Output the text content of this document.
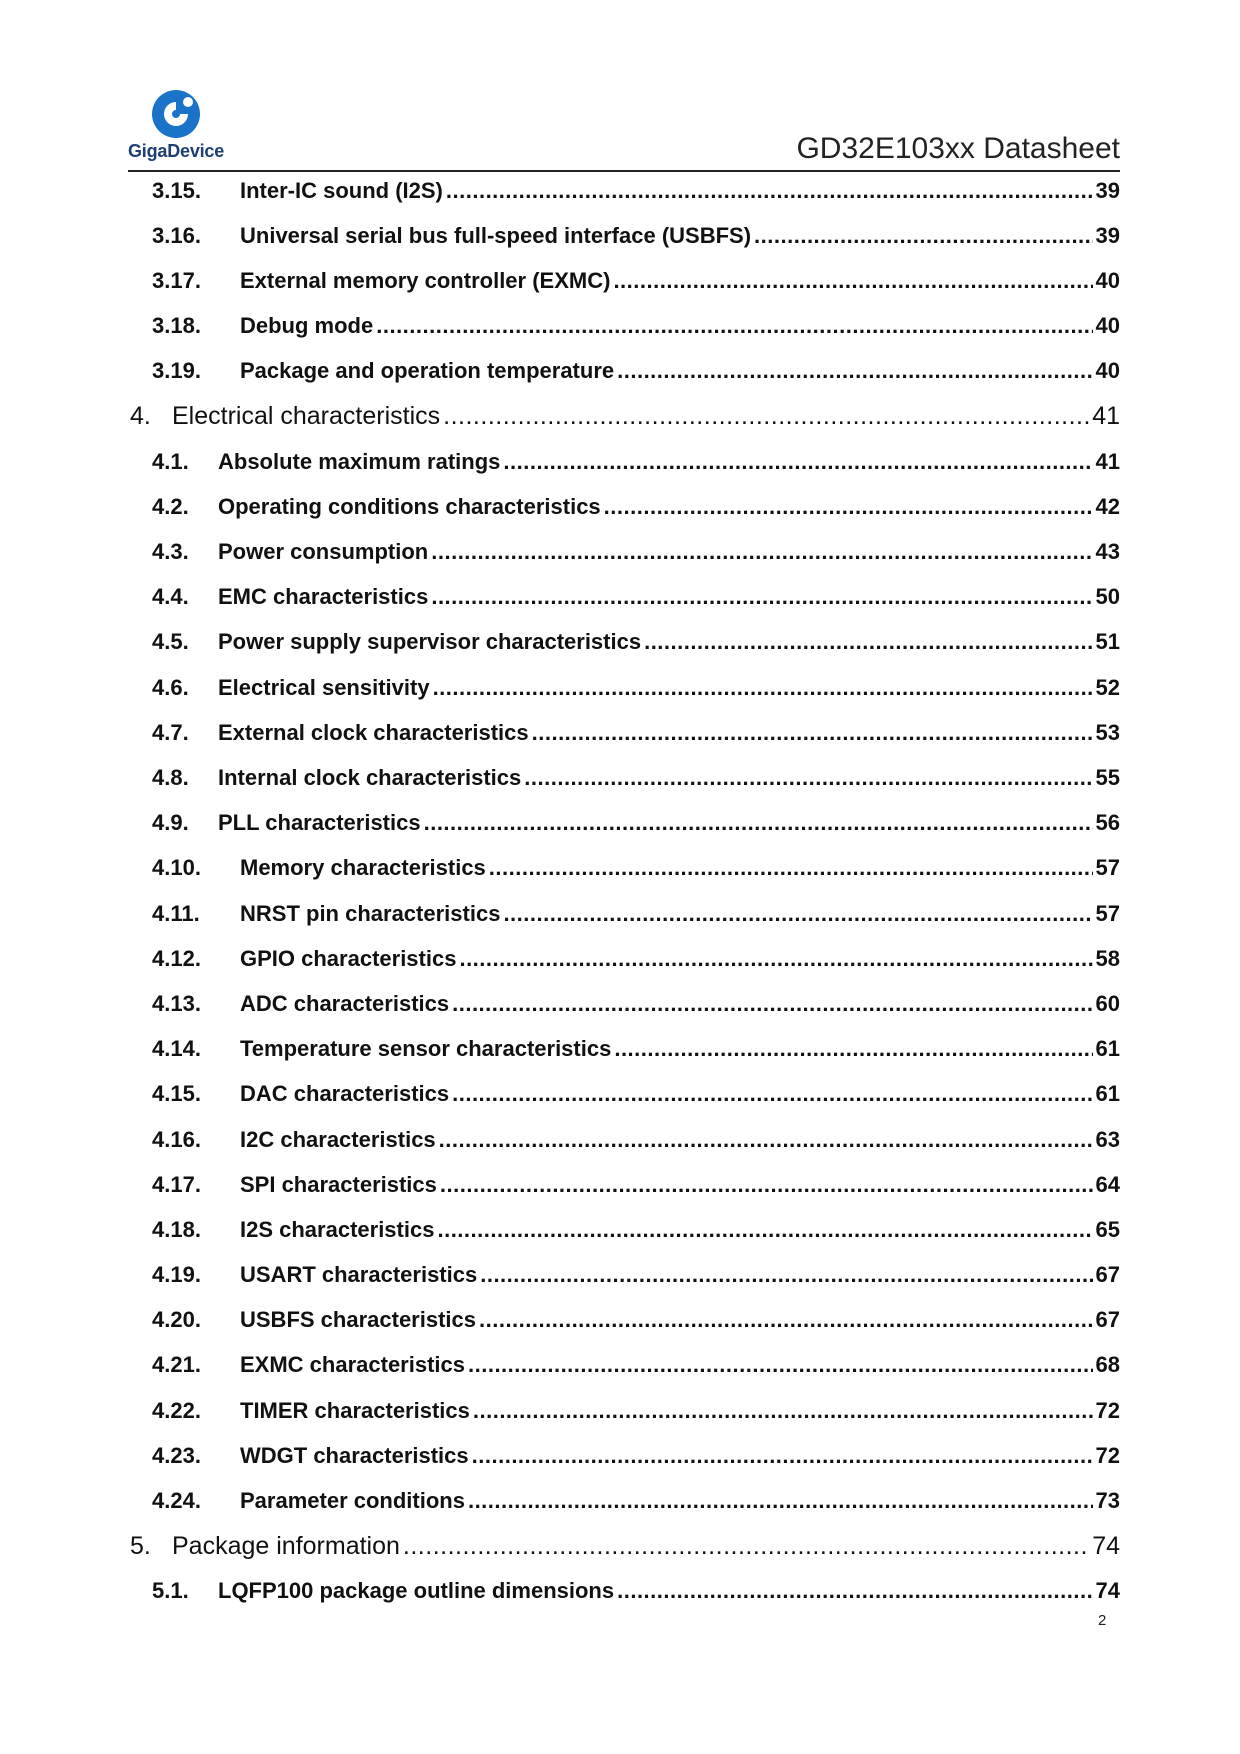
GigaDevice	GD32E103xx Datasheet
3.15.	Inter-IC sound (I2S) .....	39
3.16.	Universal serial bus full-speed interface (USBFS) .....	39
3.17.	External memory controller (EXMC) .....	40
3.18.	Debug mode .....	40
3.19.	Package and operation temperature .....	40
4. Electrical characteristics .....	41
4.1.	Absolute maximum ratings .....	41
4.2.	Operating conditions characteristics .....	42
4.3.	Power consumption .....	43
4.4.	EMC characteristics .....	50
4.5.	Power supply supervisor characteristics .....	51
4.6.	Electrical sensitivity .....	52
4.7.	External clock characteristics .....	53
4.8.	Internal clock characteristics .....	55
4.9.	PLL characteristics .....	56
4.10.	Memory characteristics .....	57
4.11.	NRST pin characteristics .....	57
4.12.	GPIO characteristics .....	58
4.13.	ADC characteristics .....	60
4.14.	Temperature sensor characteristics .....	61
4.15.	DAC characteristics .....	61
4.16.	I2C characteristics .....	63
4.17.	SPI characteristics .....	64
4.18.	I2S characteristics .....	65
4.19.	USART characteristics .....	67
4.20.	USBFS characteristics .....	67
4.21.	EXMC characteristics .....	68
4.22.	TIMER characteristics .....	72
4.23.	WDGT characteristics .....	72
4.24.	Parameter conditions .....	73
5. Package information .....	74
5.1.	LQFP100 package outline dimensions .....	74
2
